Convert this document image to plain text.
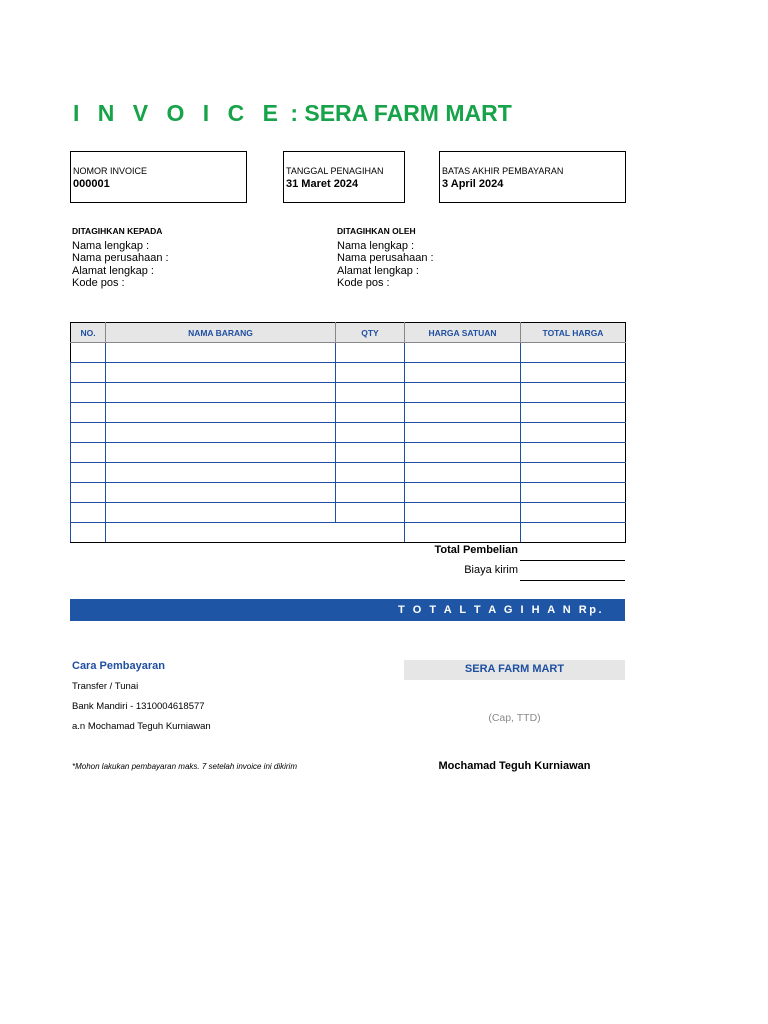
I N V O I C E : SERA FARM MART
NOMOR INVOICE
000001
TANGGAL PENAGIHAN
31 Maret 2024
BATAS AKHIR PEMBAYARAN
3 April 2024
DITAGIHKAN KEPADA
Nama lengkap :
Nama perusahaan :
Alamat lengkap :
Kode pos :
DITAGIHKAN OLEH
Nama lengkap :
Nama perusahaan :
Alamat lengkap :
Kode pos :
NO.	NAMA BARANG	QTY	HARGA SATUAN	TOTAL HARGA

Total Pembelian
Biaya kirim
T O T A L T A G I H A N Rp.
Cara Pembayaran
Transfer / Tunai
Bank Mandiri - 1310004618577
a.n Mochamad Teguh Kurniawan
*Mohon lakukan pembayaran maks. 7 setelah invoice ini dikirim
SERA FARM MART
(Cap, TTD)
Mochamad Teguh Kurniawan
